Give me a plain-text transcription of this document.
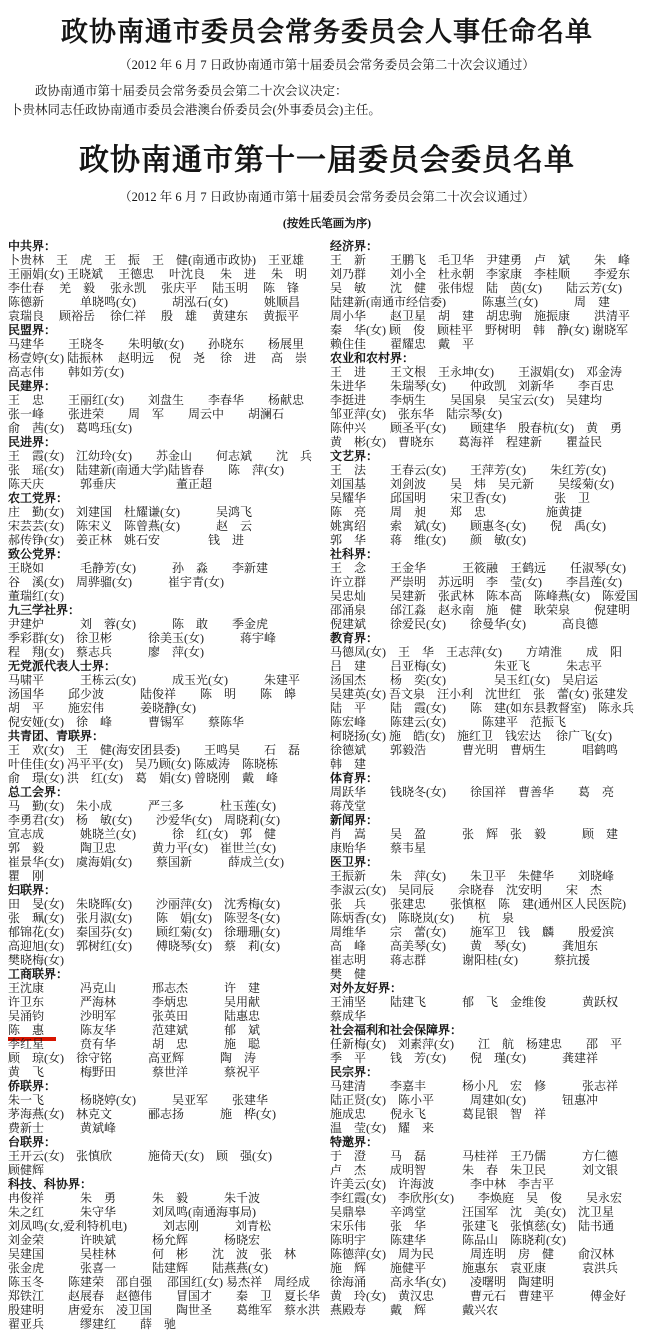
政协南通市委员会常务委员会人事任命名单

（2012 年 6 月 7 日政协南通市第十届委员会常务委员会第二十次会议通过）

政协南通市第十届委员会常务委员会第二十次会议决定：

卜贵林同志任政协南通市委员会港澳台侨委员会(外事委员会)主任。

政协南通市第十一届委员会委员名单

（2012 年 6 月 7 日政协南通市第十届委员会常务委员会第二十次会议通过）

(按姓氏笔画为序)

中共界：
卜贵林　王　虎　王　振　王　健(南通市政协)　王亚雄
王丽娟(女) 王晓斌　 王德忠　 叶沈良　 朱　进　 朱　明
李仕春　 羌　毅　 张永凯　 张庆平　 陆玉明　 陈　锋
陈德新　　　单晓鸣(女)　　　胡泓石(女)　　　姚顺昌
袁瑞良　 顾裕岳　 徐仁祥　 殷　雄　 黄建东　 黄振平
民盟界：
马建华　　王晓冬　　朱明敏(女)　　孙晓东　　杨展里
杨壹婷(女) 陆振林　 赵明远　 倪　尧　 徐　进　 高　崇
高志伟　　韩如芳(女)
民建界：
王　忠　　王丽红(女)　　刘盘生　　李春华　　杨献忠
张一峰　　张进荣　　周　军　　周云中　　胡澜石
俞　茜(女)　葛鸣珏(女)
民进界：
王　霞(女)　江幼玲(女)　　苏金山　　何志斌　　沈　兵
张　瑶(女)　陆建新(南通大学)陆皆春　　陈　萍(女)
陈天庆　　　郭垂庆　　　　　董正超
农工党界：
庄　勤(女)　刘建国　杜耀谦(女)　　　吴鸿飞
宋芸芸(女)　陈宋义　陈曾燕(女)　　　赵　云
郝传铮(女)　姜正林　姚石安　　　　钱　进
致公党界：
王晓如　　　毛静芳(女)　　　孙　淼　　李新建
谷　溪(女)　周骅骝(女)　　　崔宇青(女)
董瑞红(女)
九三学社界：
尹建炉　　　刘　蓉(女)　　　陈　敢　　季金虎
季彩群(女)　徐卫彬　　　徐美玉(女)　　　蒋宇峰
程　翔(女)　蔡志兵　　　廖　萍(女)
无党派代表人士界：
马啸平　　　王栋云(女)　　　成玉光(女)　　　朱建平
汤国华　　邱少波　　　陆俊祥　　陈　明　　陈　皞
胡　平　　施宏伟　　　姜晓静(女)
倪安娅(女)　徐　峰　　　曹锡军　　蔡陈华
共青团、青联界：
王　欢(女)　王　健(海安团县委)　　王鸣昊　　石　磊
叶佳佳(女) 冯平平(女)　吴乃顾(女) 陈威涛　陈晓栋
俞　璟(女) 洪　红(女)　葛　娟(女) 曾晓刚　戴　峰
总工会界：
马　勤(女)　朱小成　　　严三多　　　杜玉莲(女)
李勇君(女)　杨　敏(女)　　沙爱华(女)　周晓莉(女)
宣志成　　　姚晓兰(女)　　　徐　红(女)　郭　健
郭　毅　　　陶卫忠　　　黄力平(女)　崔世兰(女)
崔景华(女)　虞海娟(女)　　蔡国新　　　薛成兰(女)
瞿　刚
妇联界：
田　旻(女)　朱晓晖(女)　　沙丽萍(女)　沈秀梅(女)
张　珮(女)　张月淑(女)　　陈　娟(女)　陈翌冬(女)
郁锦花(女)　秦国芬(女)　　顾红菊(女)　徐珊珊(女)
高迎旭(女)　郭树红(女)　　傅晓琴(女)　蔡　莉(女)
樊晓梅(女)
工商联界：
王沈康　　　冯克山　　　邢志杰　　　许　建
许卫东　　　严海林　　　李炳忠　　　吴用献
吴涌钧　　　沙明军　　　张英田　　　陆惠忠
陈　惠　　陈友华　　　范建斌　　　郁　斌
李红星　　　贲有华　　　胡　忠　　　施　聪
顾　琼(女)　徐守铭　　　高亚辉　　　陶　涛
黄　飞　　　梅野田　　　蔡世洋　　　蔡祝平
侨联界：
朱一飞　　　杨晓婷(女)　　　吴亚军　　张建华
茅海燕(女)　林克文　　　郦志扬　　　施　桦(女)
费新士　　　黄斌峰
台联界：
王开云(女)　张慎欣　　　施倚天(女)　顾　强(女)
顾健辉
科技、科协界：
冉俊祥　　　朱　勇　　　朱　毅　　　朱千波
朱之红　　　朱守华　　　刘凤鸣(南通海事局)
刘凤鸣(女,爱利特机电)　　　刘志刚　　　刘青松
刘金荣　　　许映斌　　　杨允辉　　　杨晓宏
吴建国　　　吴桂林　　　何　彬　　沈　波　张　林
张金虎　　　张喜一　　　陆建辉　　陆燕燕(女)
陈玉冬　　陈建荣　邵自强　 邵国红(女) 易杰祥　周经成
郑铁江　　赵展春　赵德伟　　冒国才　　秦　卫　夏长华
殷建明　　唐爱东　凌卫国　　陶世圣　　葛维军　蔡水洪
翟亚兵　　　缪建红　　薛　驰
经济界：
王　新　　王鹏飞　毛卫华　尹建勇　卢　斌　　朱　峰
刘乃群　　刘小全　杜永朝　李家康　李桂顺　　李爱东
吴　敏　　沈　健　张伟煜　陆　茵(女)　　陆云芳(女)
陆建新(南通市经信委)　　　陈惠兰(女)　　　周　建
周小华　　赵卫星　胡　建　胡忠驹　施振康　　洪清平
秦　华(女) 顾　俊　顾桂平　野树明　韩　静(女) 谢晓军
赖住佳　　翟耀忠　戴　平
农业和农村界：
王　进　　王文根　王永坤(女)　　王淑娟(女)　邓金涛
朱进华　　朱瑞琴(女)　　仲政凯　刘新华　　李百忠
李挺进　　李炳生　　吴国泉　吴宝云(女)　吴建均
邹亚萍(女)　张东华　陆宗琴(女)
陈仲兴　　顾圣平(女)　　顾建华　殷春杭(女)　黄　勇
黄　彬(女)　曹晓东　　葛海祥　程建新　　瞿益民
文艺界：
王　法　　王春云(女)　　王萍芳(女)　　朱红芳(女)
刘国基　　刘剑波　　吴　炜　吴元新　　吴绥菊(女)
吴耀华　　邱国明　　宋卫香(女)　　　　张　卫
陈　亮　　周　昶　　郑　忠　　　　　施黄捷
姚寓绍　　索　斌(女)　　顾惠冬(女)　　倪　禹(女)
郭　华　　蒋　维(女)　　颜　敏(女)
社科界：
王　念　　王金华　　　王筱融　王鹤远　　任淑琴(女)
许立群　　严崇明　苏远明　李　莹(女)　　李昌莲(女)
吴忠灿　　吴建新　张武林　陈本高　陈峰燕(女)　陈爱国
邵涌泉　　邰江淼　赵永南　施　健　耿荣泉　　倪建明
倪建斌　　徐爱民(女)　　徐曼华(女)　　　高良德
教育界：
马德凤(女)　王　华　王志萍(女)　　方靖淮　　成　阳
吕　建　　吕亚梅(女)　　　　朱亚飞　　　朱志平
汤国杰　　杨　奕(女)　　　　吴玉红(女)　吴启运
吴建英(女) 吾文泉　汪小利　沈世红　张　蕾(女) 张建发
陆　平　　陆　霞(女)　　陈　建(如东县教督室)　陈永兵
陈宏峰　　陈建云(女)　　　陈建平　范振飞
柯晓扬(女) 施　皓(女)　施红卫　钱宏达　 徐广飞(女)
徐德斌　　郭毅浩　　　曹光明　曹炳生　　　唱鹤鸣
韩　建
体育界：
周跃华　　钱晓冬(女)　　徐国祥　曹善华　　葛　亮
蒋茂堂
新闻界：
肖　嵩　　吴　盈　　　张　辉　张　毅　　　顾　建
康贻华　　蔡韦星
医卫界：
王振新　　朱　萍(女)　　朱卫平　朱健华　　刘晓峰
李淑云(女)　吴同辰　　佘晓春　沈安明　　宋　杰
张　兵　　张建忠　　张慎枢　陈　建(通州区人民医院)
陈炳香(女)　陈晓岚(女)　　杭　泉
周维华　　宗　蕾(女)　　施军卫　钱　麟　　殷爱滨
高　峰　　高美琴(女)　　黄　琴(女)　　　龚旭东
崔志明　　蒋志群　　　谢阳桂(女)　　　蔡抗援
樊　健
对外友好界：
王浦坚　　陆建飞　　　郁　飞　金维俊　　　黄跃权
蔡成华
社会福利和社会保障界：
任新梅(女)　刘素萍(女)　　江　航　杨建忠　　邵　平
季　平　　钱　芳(女)　　倪　瑾(女)　　　龚建祥
民宗界：
马建清　　李嘉丰　　　杨小凡　宏　修　　　张志祥
陆正贤(女)　陈小平　　　周建如(女)　　　钮惠冲
施成忠　　倪永飞　　　葛昆银　智　祥
温　莹(女)　耀　来
特邀界：
于　澄　　马　磊　　　马桂祥　王乃儒　　　方仁德
卢　杰　　成明智　　　朱　春　朱卫民　　　刘文银
许美云(女)　许海波　　　李中林　李吉平
李红霞(女)　李欣彤(女)　　李焕庭　吴　俊　　吴永宏
吴鼎皋　　辛鸿堂　　　汪国军　沈　美(女)　沈卫星
宋乐伟　　张　华　　　张建飞　张慎慈(女)　陆书通
陈明宇　　陈建华　　　陈品山　陈晓莉(女)
陈德萍(女)　周为民　　　周连明　房　健　　俞汉林
施　辉　　施健平　　　施惠东　袁亚康　　　袁洪兵
徐海涌　　高永华(女)　　凌曙明　陶建明
黄　玲(女)　黄汉忠　　　曹元石　曹建平　　　傅金好
燕殿寿　　戴　辉　　　戴兴农
